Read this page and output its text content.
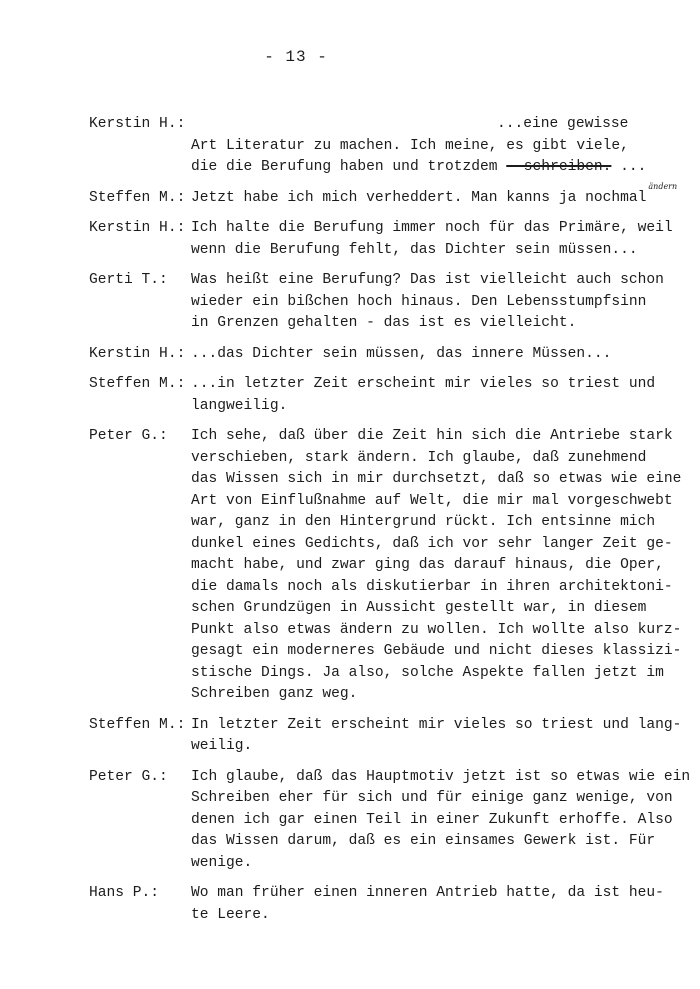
- 13 -
Kerstin H.:	...eine gewisse
Art Literatur zu machen. Ich meine, es gibt viele,
die die Berufung haben und trotzdem - schreiben. ...
Steffen M.: Jetzt habe ich mich verheddert. Man kanns ja nochmal$^{ändern}$
Kerstin H.: Ich halte die Berufung immer noch für das Primäre, weil
wenn die Berufung fehlt, das Dichter sein müssen...
Gerti T.:	Was heißt eine Berufung? Das ist vielleicht auch schon
wieder ein bißchen hoch hinaus. Den Lebensstumpfsinn
in Grenzen gehalten - das ist es vielleicht.
Kerstin H.: ...das Dichter sein müssen, das innere Müssen...
Steffen M.: ...in letzter Zeit erscheint mir vieles so triest und
langweilig.
Peter G.:	Ich sehe, daß über die Zeit hin sich die Antriebe stark
verschieben, stark ändern. Ich glaube, daß zunehmend
das Wissen sich in mir durchsetzt, daß so etwas wie eine
Art von Einflußnahme auf Welt, die mir mal vorgeschwebt
war, ganz in den Hintergrund rückt. Ich entsinne mich
dunkel eines Gedichts, daß ich vor sehr langer Zeit ge-
macht habe, und zwar ging das darauf hinaus, die Oper,
die damals noch als diskutierbar in ihren architektoni-
schen Grundzügen in Aussicht gestellt war, in diesem
Punkt also etwas ändern zu wollen. Ich wollte also kurz-
gesagt ein moderneres Gebäude und nicht dieses klassizi-
stische Dings. Ja also, solche Aspekte fallen jetzt im
Schreiben ganz weg.
Steffen M.: In letzter Zeit erscheint mir vieles so triest und lang-
weilig.
Peter G.:	Ich glaube, daß das Hauptmotiv jetzt ist so etwas wie ein
Schreiben eher für sich und für einige ganz wenige, von
denen ich gar einen Teil in einer Zukunft erhoffe. Also
das Wissen darum, daß es ein einsames Gewerk ist. Für
wenige.
Hans P.:	Wo man früher einen inneren Antrieb hatte, da ist heu-
te Leere.
